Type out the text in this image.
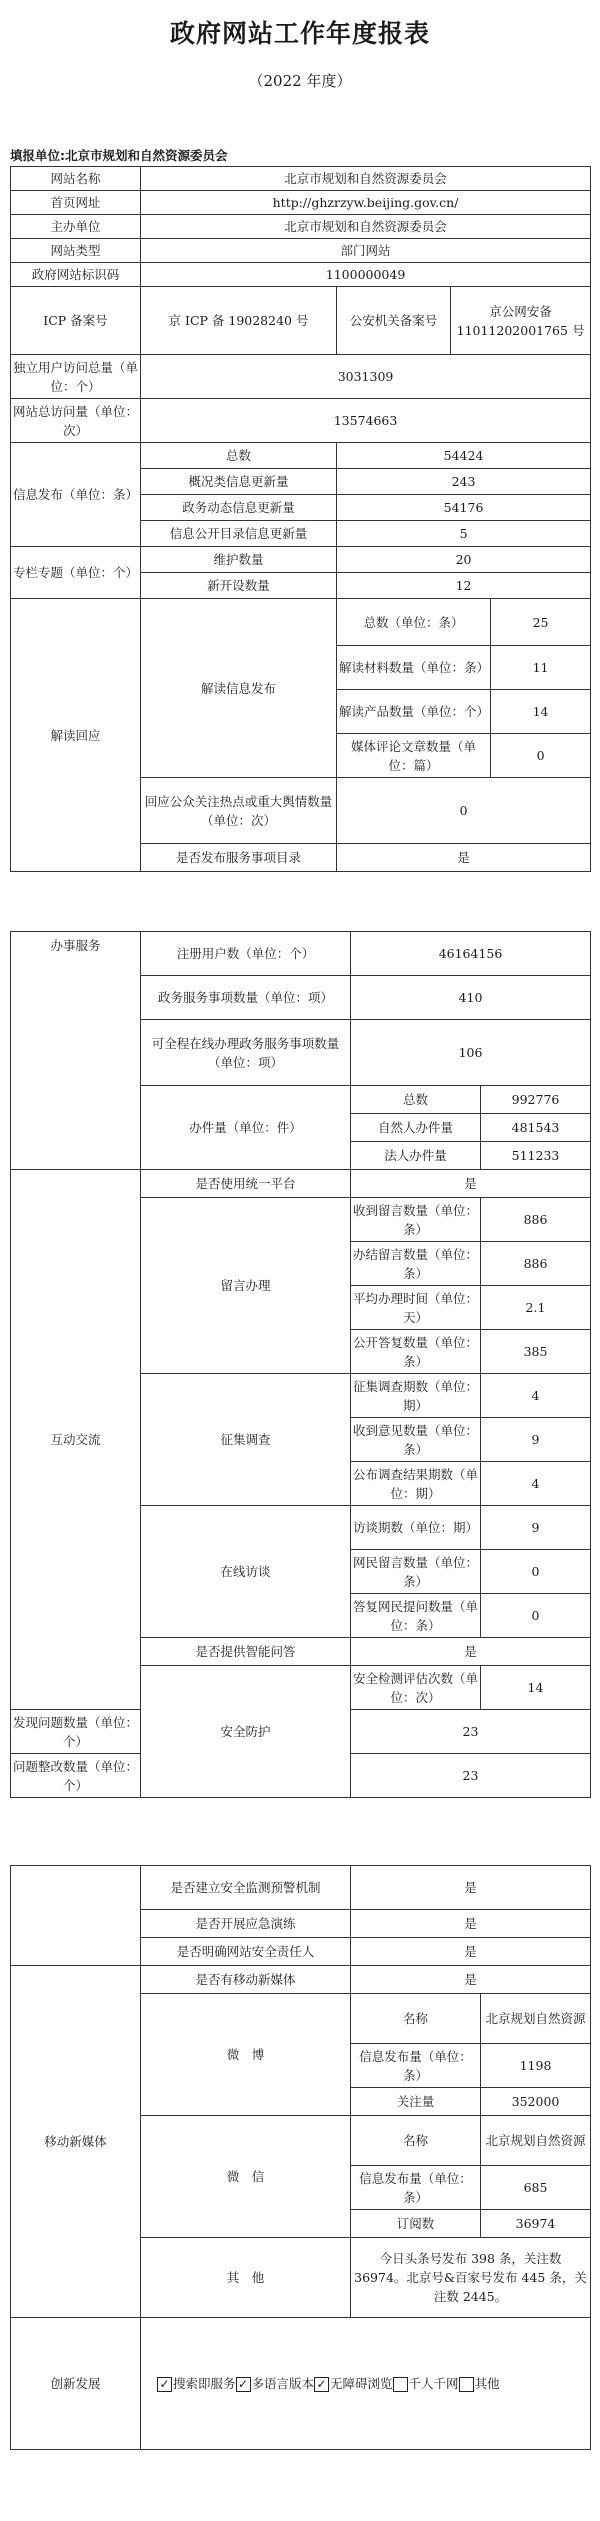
政府网站工作年度报表
（2022 年度）
填报单位:北京市规划和自然资源委员会
网站名称	北京市规划和自然资源委员会			
首页网址	http://ghzrzyw.beijing.gov.cn/			
主办单位	北京市规划和自然资源委员会			
网站类型	部门网站			
政府网站标识码	1100000049			
ICP 备案号	京 ICP 备 19028240 号	公安机关备案号	京公网安备 11011202001765 号	
独立用户访问总量（单位：个）	3031309			
网站总访问量（单位：次）	13574663			
信息发布（单位：条）	总数	54424		
	概况类信息更新量	243		
	政务动态信息更新量	54176		
	信息公开目录信息更新量	5		
专栏专题（单位：个）	维护数量	20		
	新开设数量	12		
解读回应	解读信息发布	总数（单位：条）		25
		解读材料数量（单位：条）		11
		解读产品数量（单位：个）		14
		媒体评论文章数量（单位：篇）		0
	回应公众关注热点或重大舆情数量（单位：次）	0		
	是否发布服务事项目录	是		
办事服务	注册用户数（单位：个）	46164156	
	政务服务事项数量（单位：项）	410	
	可全程在线办理政务服务事项数量（单位：项）	106	
	办件量（单位：件）	总数	992776
		自然人办件量	481543
		法人办件量	511233
互动交流	是否使用统一平台	是	
	留言办理	收到留言数量（单位：条）	886
		办结留言数量（单位：条）	886
		平均办理时间（单位：天）	2.1
		公开答复数量（单位：条）	385
	征集调查	征集调查期数（单位：期）	4
		收到意见数量（单位：条）	9
		公布调查结果期数（单位：期）	4
	在线访谈	访谈期数（单位：期）	9
		网民留言数量（单位：条）	0
		答复网民提问数量（单位：条）	0
	是否提供智能问答	是	
	安全防护	安全检测评估次数（单位：次）	14
发现问题数量（单位：个）		23	
问题整改数量（单位：个）		23	
	是否建立安全监测预警机制	是	
	是否开展应急演练	是	
	是否明确网站安全责任人	是	
移动新媒体	是否有移动新媒体	是	
	微　博	名称	北京规划自然资源
		信息发布量（单位：条）	1198
		关注量	352000
	微　信	名称	北京规划自然资源
		信息发布量（单位：条）	685
		订阅数	36974
	其　他	今日头条号发布 398 条，关注数 36974。北京号&百家号发布 445 条，关注数 2445。	
创新发展	✓ 搜索即服务 ✓ 多语言版本 ✓ 无障碍浏览 千人千网 其他		
